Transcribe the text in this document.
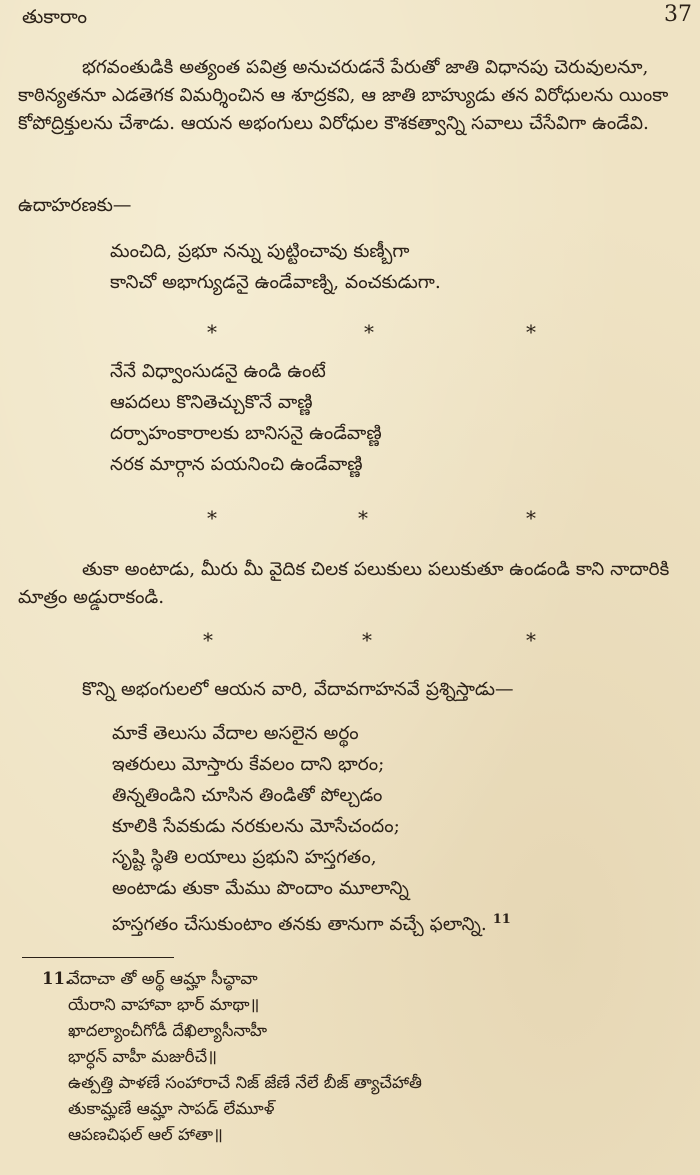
తుకారాం	37

భగవంతుడికి అత్యంత పవిత్ర అనుచరుడనే పేరుతో జాతి విధానపు చెరువులనూ, కాఠిన్యతనూ ఎడతెగక విమర్శించిన ఆ శూద్రకవి, ఆ జాతి బాహ్యుడు తన విరోధులను యింకా కోపోద్రిక్తులను చేశాడు. ఆయన అభంగులు విరోధుల కౌశకత్వాన్ని సవాలు చేసేవిగా ఉండేవి.

ఉదాహరణకు—

మంచిది, ప్రభూ నన్ను పుట్టించావు కుణ్బీగా
కానిచో అభాగ్యుడనై ఉండేవాణ్ని, వంచకుడుగా.
*	*	*
నేనే విధ్వాంసుడనై ఉండి ఉంటే
ఆపదలు కొనితెచ్చుకొనే వాణ్ణి
దర్పాహంకారాలకు బానిసనై ఉండేవాణ్ణి
నరక మార్గాన పయనించి ఉండేవాణ్ణి
*	*	*

తుకా అంటాడు, మీరు మీ వైదిక చిలక పలుకులు పలుకుతూ ఉండండి కాని నాదారికి మాత్రం అడ్డురాకండి.

*	*	*

కొన్ని అభంగులలో ఆయన వారి, వేదావగాహనవే ప్రశ్నిస్తాడు—

మాకే తెలుసు వేదాల అసలైన అర్థం
ఇతరులు మోస్తారు కేవలం దాని భారం;
తిన్నతిండిని చూసిన తిండితో పోల్చడం
కూలికి సేవకుడు నరకులను మోసేచందం;
సృష్టి స్థితి లయాలు ప్రభుని హస్తగతం,
అంటాడు తుకా మేము పొందాం మూలాన్ని
హస్తగతం చేసుకుంటాం తనకు తానుగా వచ్చే ఫలాన్ని. $^{11}$
11.
వేదాచా తో అర్థ్ ఆమ్హా సీచ్ఠావా
యేరాని వాహావా భార్ మాథా॥
ఖాదల్యాంచీగోడీ దేఖిల్యాసీనాహీ
భార్ధన్ వాహీ మజురీచే॥
ఉత్పత్తి పాళణే సంహారాచే నిజ్ జేణే నేలే బీజ్ త్యాచేహాతీ
తుకామ్హణే ఆమ్హా సాపడ్ లేమూళ్
ఆపణచిఫల్ ఆల్ హాతా॥
